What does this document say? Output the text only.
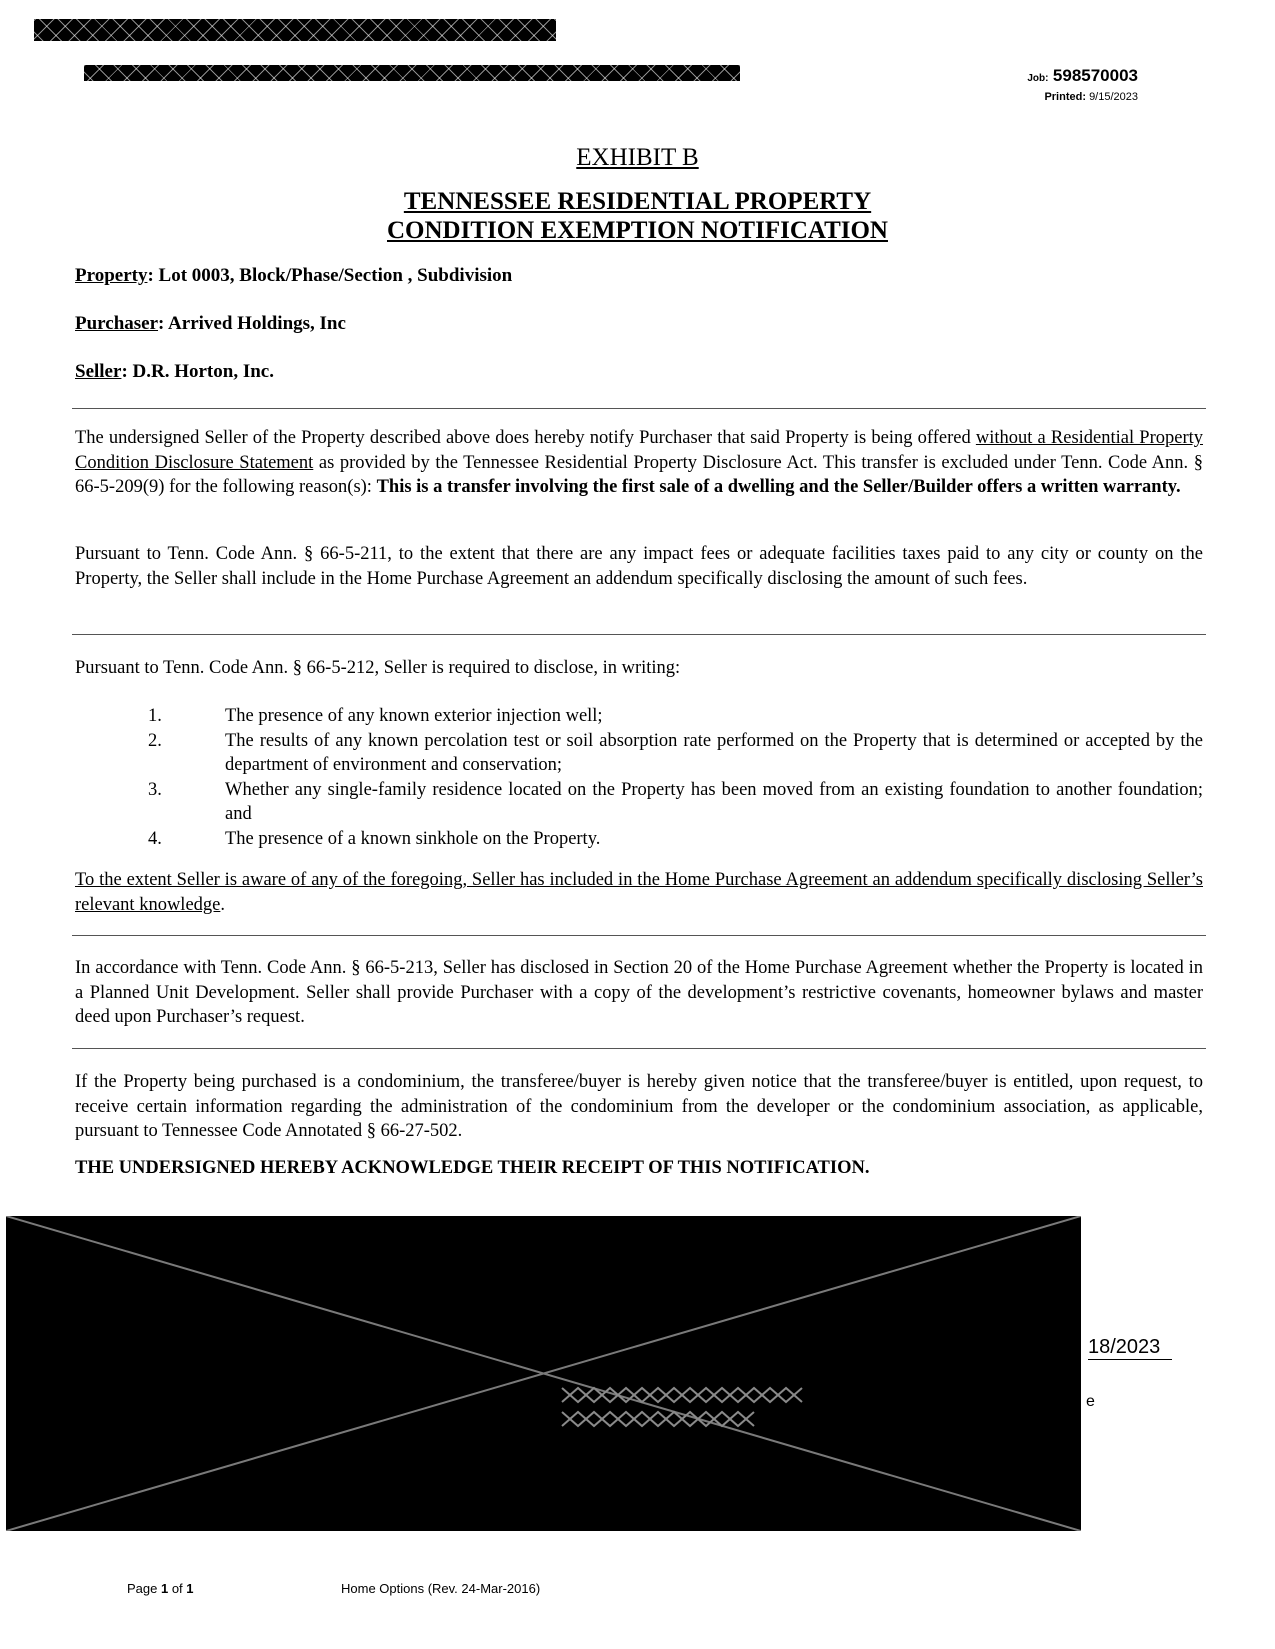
Job: 598570003
Printed: 9/15/2023
EXHIBIT B
TENNESSEE RESIDENTIAL PROPERTY
CONDITION EXEMPTION NOTIFICATION
Property: Lot 0003, Block/Phase/Section , Subdivision
Purchaser: Arrived Holdings, Inc
Seller: D.R. Horton, Inc.
The undersigned Seller of the Property described above does hereby notify Purchaser that said Property is being offered without a Residential Property Condition Disclosure Statement as provided by the Tennessee Residential Property Disclosure Act. This transfer is excluded under Tenn. Code Ann. § 66-5-209(9) for the following reason(s): This is a transfer involving the first sale of a dwelling and the Seller/Builder offers a written warranty.
Pursuant to Tenn. Code Ann. § 66-5-211, to the extent that there are any impact fees or adequate facilities taxes paid to any city or county on the Property, the Seller shall include in the Home Purchase Agreement an addendum specifically disclosing the amount of such fees.
Pursuant to Tenn. Code Ann. § 66-5-212, Seller is required to disclose, in writing:
1.	The presence of any known exterior injection well;
2.	The results of any known percolation test or soil absorption rate performed on the Property that is determined or accepted by the department of environment and conservation;
3.	Whether any single-family residence located on the Property has been moved from an existing foundation to another foundation; and
4.	The presence of a known sinkhole on the Property.
To the extent Seller is aware of any of the foregoing, Seller has included in the Home Purchase Agreement an addendum specifically disclosing Seller’s relevant knowledge.
In accordance with Tenn. Code Ann. § 66-5-213, Seller has disclosed in Section 20 of the Home Purchase Agreement whether the Property is located in a Planned Unit Development. Seller shall provide Purchaser with a copy of the development’s restrictive covenants, homeowner bylaws and master deed upon Purchaser’s request.
If the Property being purchased is a condominium, the transferee/buyer is hereby given notice that the transferee/buyer is entitled, upon request, to receive certain information regarding the administration of the condominium from the developer or the condominium association, as applicable, pursuant to Tennessee Code Annotated § 66-27-502.
THE UNDERSIGNED HEREBY ACKNOWLEDGE THEIR RECEIPT OF THIS NOTIFICATION.
18/2023
e
Page 1 of 1	Home Options (Rev. 24-Mar-2016)
